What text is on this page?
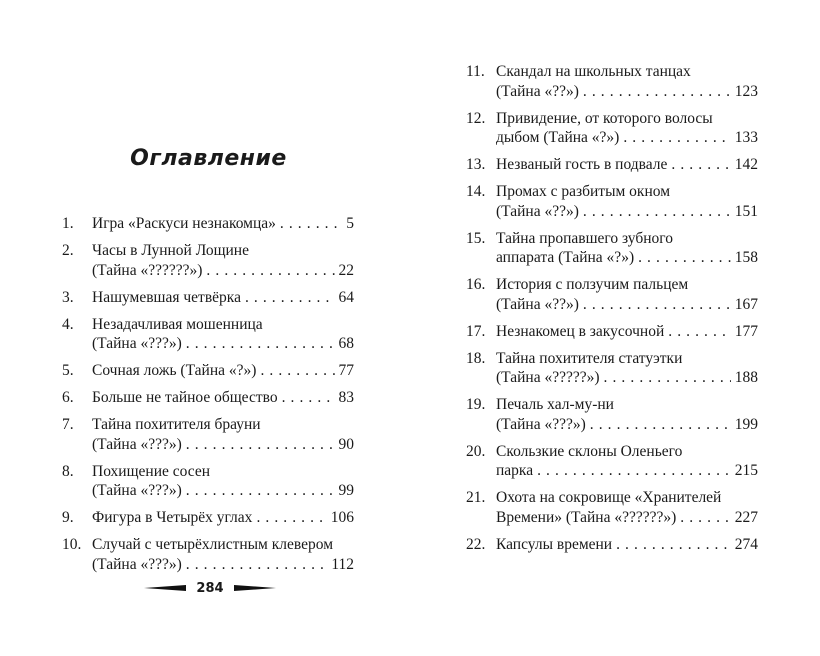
Оглавление
1.	Игра «Раскуси незнакомца» . . .	5
2.	Часы в Лунной Лощине
(Тайна «??????») . . .	22
3.	Нашумевшая четвёрка . . .	64
4.	Незадачливая мошенница
(Тайна «???») . . .	68
5.	Сочная ложь (Тайна «?») . . .	77
6.	Больше не тайное общество . . .	83
7.	Тайна похитителя брауни
(Тайна «???») . . .	90
8.	Похищение сосен
(Тайна «???») . . .	99
9.	Фигура в Четырёх углах . . .	106
10. Случай с четырёхлистным клевером
(Тайна «???») . . .	112
11. Скандал на школьных танцах
(Тайна «??») . . .	123
12. Привидение, от которого волосы
дыбом (Тайна «?») . . .	133
13. Незваный гость в подвале . . .	142
14. Промах с разбитым окном
(Тайна «??») . . .	151
15. Тайна пропавшего зубного
аппарата (Тайна «?») . . .	158
16. История с ползучим пальцем
(Тайна «??») . . .	167
17. Незнакомец в закусочной . . .	177
18. Тайна похитителя статуэтки
(Тайна «?????») . . .	188
19. Печаль хал-му-ни
(Тайна «???») . . .	199
20. Скользкие склоны Оленьего
парка . . .	215
21. Охота на сокровище «Хранителей
Времени» (Тайна «??????») . . .	227
22. Капсулы времени . . .	274
284
